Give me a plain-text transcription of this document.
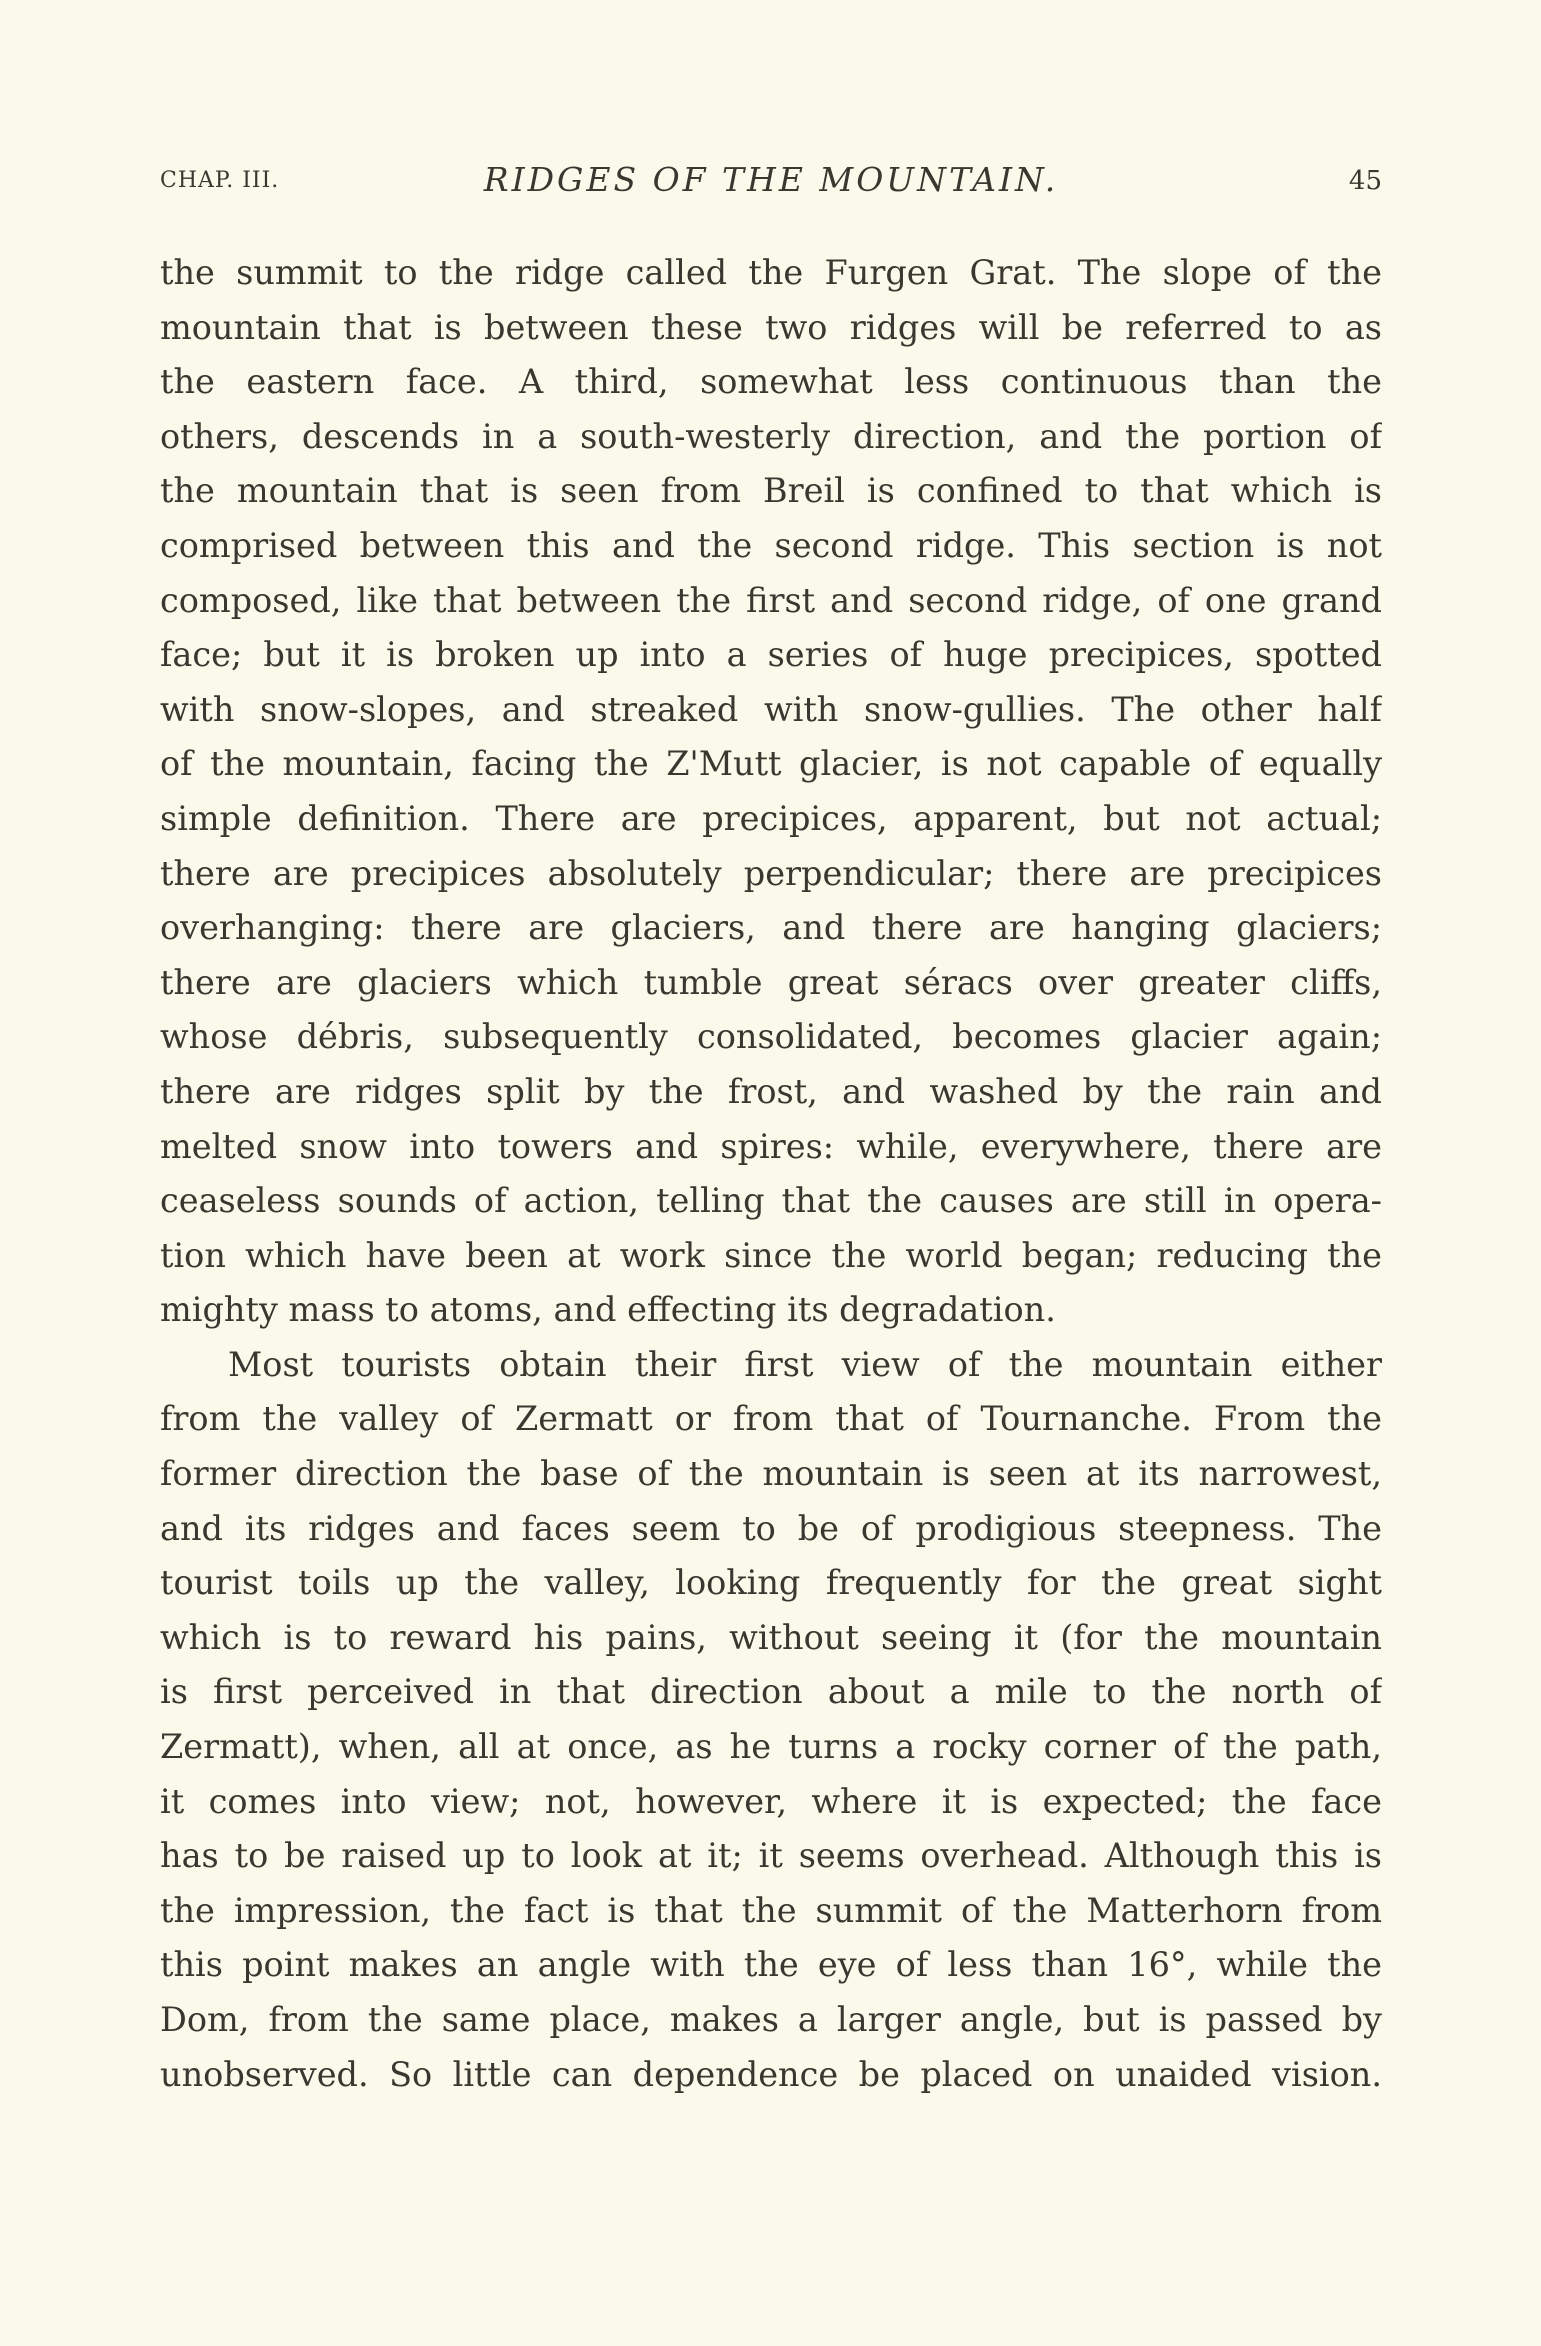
CHAP. III.	RIDGES OF THE MOUNTAIN.	45
the summit to the ridge called the Furgen Grat. The slope of the
mountain that is between these two ridges will be referred to as
the eastern face. A third, somewhat less continuous than the
others, descends in a south-westerly direction, and the portion of
the mountain that is seen from Breil is confined to that which is
comprised between this and the second ridge. This section is not
composed, like that between the first and second ridge, of one grand
face; but it is broken up into a series of huge precipices, spotted
with snow-slopes, and streaked with snow-gullies. The other half
of the mountain, facing the Z'Mutt glacier, is not capable of equally
simple definition. There are precipices, apparent, but not actual;
there are precipices absolutely perpendicular; there are precipices
overhanging: there are glaciers, and there are hanging glaciers;
there are glaciers which tumble great séracs over greater cliffs,
whose débris, subsequently consolidated, becomes glacier again;
there are ridges split by the frost, and washed by the rain and
melted snow into towers and spires: while, everywhere, there are
ceaseless sounds of action, telling that the causes are still in opera-
tion which have been at work since the world began; reducing the
mighty mass to atoms, and effecting its degradation.
Most tourists obtain their first view of the mountain either
from the valley of Zermatt or from that of Tournanche. From the
former direction the base of the mountain is seen at its narrowest,
and its ridges and faces seem to be of prodigious steepness. The
tourist toils up the valley, looking frequently for the great sight
which is to reward his pains, without seeing it (for the mountain
is first perceived in that direction about a mile to the north of
Zermatt), when, all at once, as he turns a rocky corner of the path,
it comes into view; not, however, where it is expected; the face
has to be raised up to look at it; it seems overhead. Although this is
the impression, the fact is that the summit of the Matterhorn from
this point makes an angle with the eye of less than 16°, while the
Dom, from the same place, makes a larger angle, but is passed by
unobserved. So little can dependence be placed on unaided vision.
